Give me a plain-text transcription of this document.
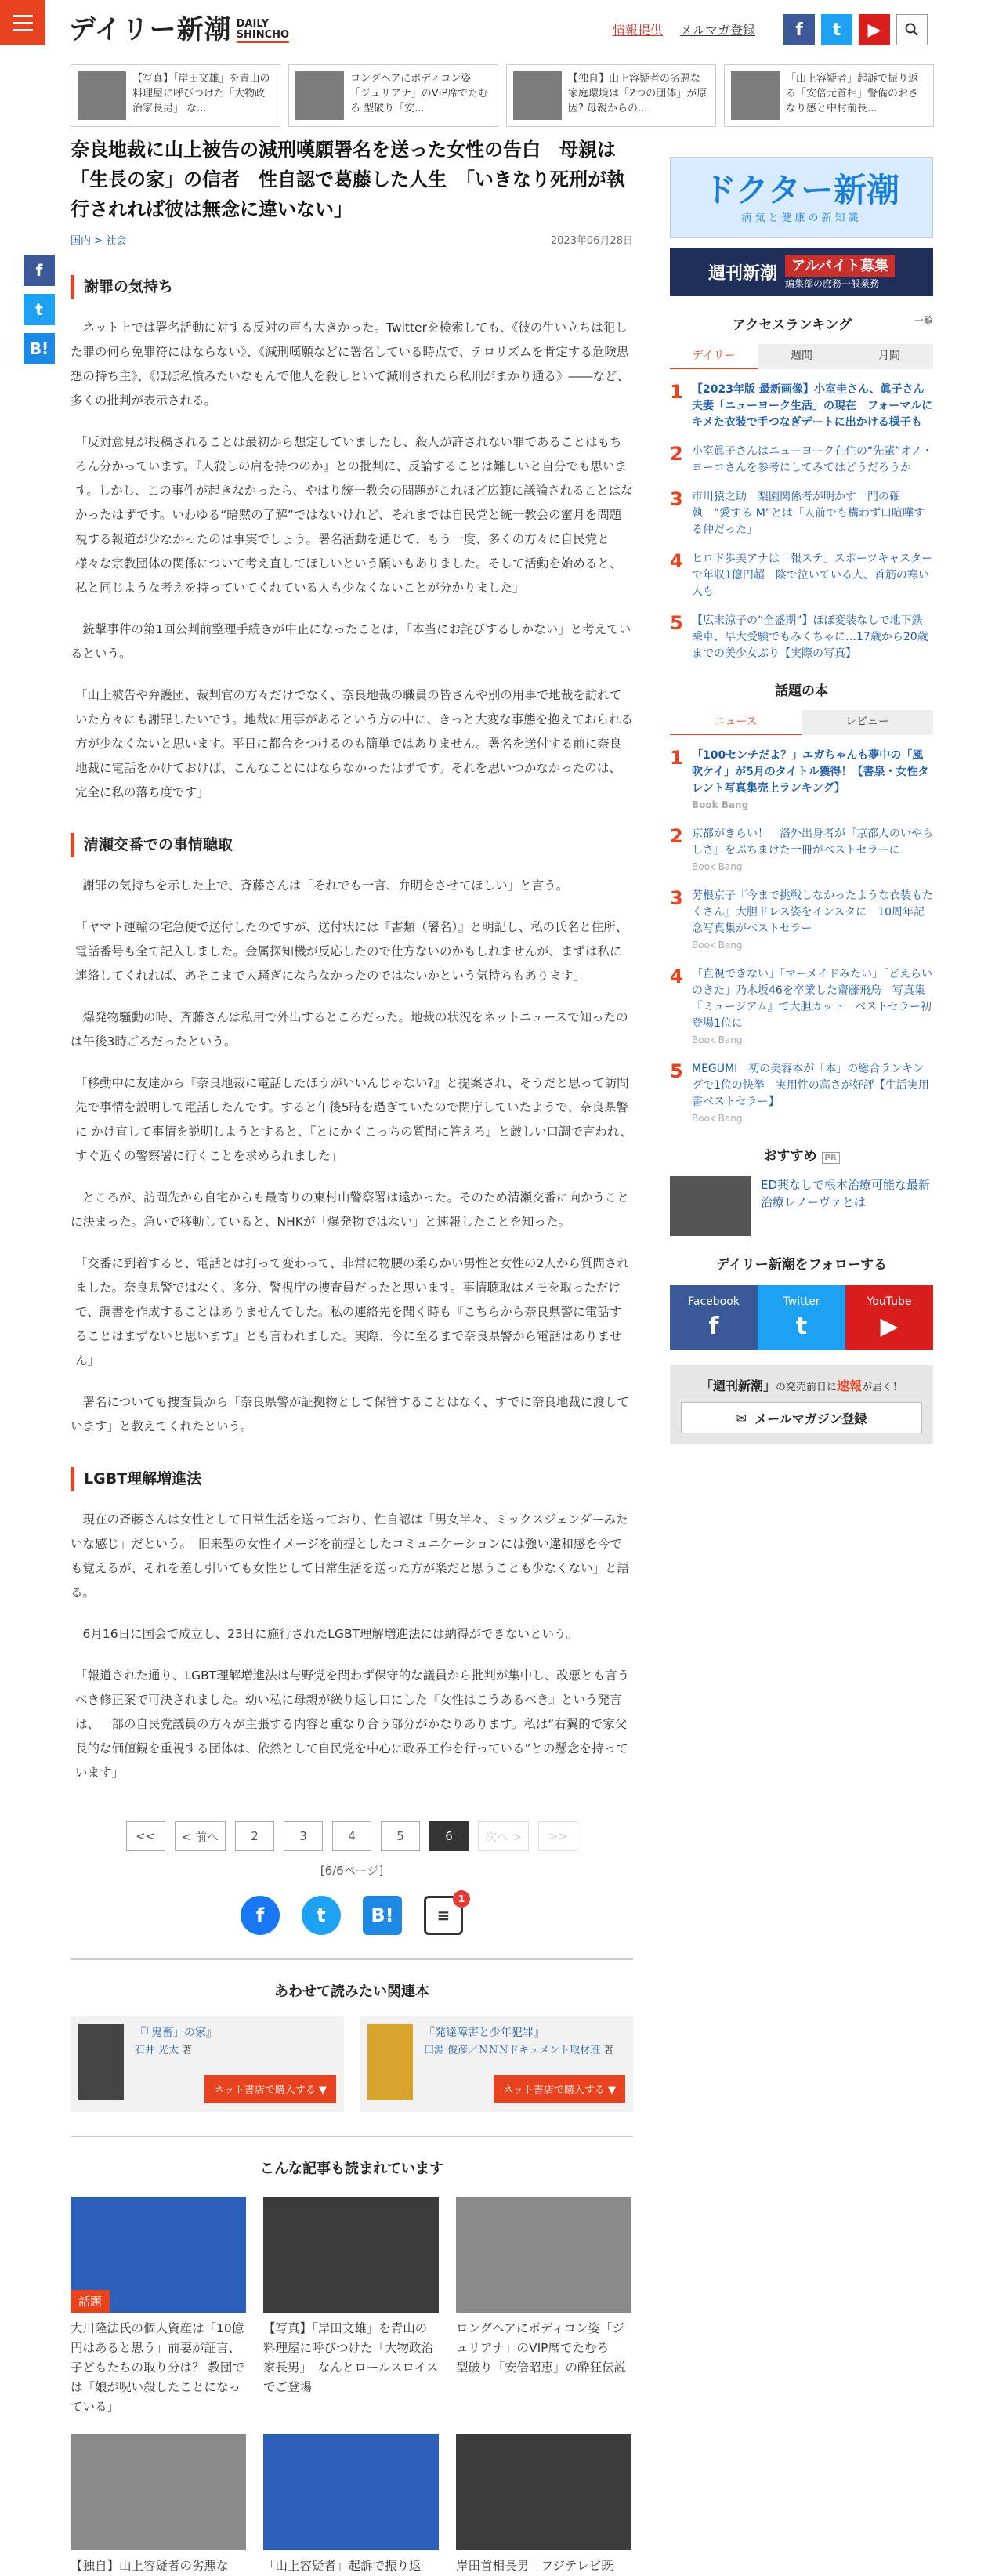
デイリー新潮 DAILY
SHINCHO	情報提供 メルマガ登録	f	t	▶

【写真】「岸田文雄」を青山の料理屋に呼びつけた「大物政治家長男」 な...

ロングヘアにボディコン姿「ジュリアナ」のVIP席でたむろ 型破り「安...

【独自】山上容疑者の劣悪な家庭環境は「2つの団体」が原因? 母親からの...

「山上容疑者」起訴で振り返る「安倍元首相」警備のおざなり感と中村前長...

f
t
B!
奈良地裁に山上被告の減刑嘆願署名を送った女性の告白　母親は「生長の家」の信者　性自認で葛藤した人生　「いきなり死刑が執行されれば彼は無念に違いない」
国内 > 社会	2023年06月28日
謝罪の気持ち

　ネット上では署名活動に対する反対の声も大きかった。Twitterを検索しても、《彼の生い立ちは犯した罪の何ら免罪符にはならない》、《減刑嘆願などに署名している時点で、テロリズムを肯定する危険思想の持ち主》、《ほぼ私憤みたいなもんで他人を殺しといて減刑されたら私刑がまかり通る》――など、多くの批判が表示される。

「反対意見が投稿されることは最初から想定していましたし、殺人が許されない罪であることはもちろん分かっています。『人殺しの肩を持つのか』との批判に、反論することは難しいと自分でも思います。しかし、この事件が起きなかったら、やはり統一教会の問題がこれほど広範に議論されることはなかったはずです。いわゆる“暗黙の了解”ではないけれど、それまでは自民党と統一教会の蜜月を問題視する報道が少なかったのは事実でしょう。署名活動を通じて、もう一度、多くの方々に自民党と様々な宗教団体の関係について考え直してほしいという願いもありました。そして活動を始めると、私と同じような考えを持っていてくれている人も少なくないことが分かりました」

　銃撃事件の第1回公判前整理手続きが中止になったことは、「本当にお詫びするしかない」と考えているという。

「山上被告や弁護団、裁判官の方々だけでなく、奈良地裁の職員の皆さんや別の用事で地裁を訪れていた方々にも謝罪したいです。地裁に用事があるという方の中に、きっと大変な事態を抱えておられる方が少なくないと思います。平日に都合をつけるのも簡単ではありません。署名を送付する前に奈良地裁に電話をかけておけば、こんなことにはならなかったはずです。それを思いつかなかったのは、完全に私の落ち度です」

清瀬交番での事情聴取

　謝罪の気持ちを示した上で、斉藤さんは「それでも一言、弁明をさせてほしい」と言う。

「ヤマト運輸の宅急便で送付したのですが、送付状には『書類（署名）』と明記し、私の氏名と住所、電話番号も全て記入しました。金属探知機が反応したので仕方ないのかもしれませんが、まずは私に連絡してくれれば、あそこまで大騒ぎにならなかったのではないかという気持ちもあります」

　爆発物騒動の時、斉藤さんは私用で外出するところだった。地裁の状況をネットニュースで知ったのは午後3時ごろだったという。

「移動中に友達から『奈良地裁に電話したほうがいいんじゃない?』と提案され、そうだと思って訪問先で事情を説明して電話したんです。すると午後5時を過ぎていたので閉庁していたようで、奈良県警に かけ直して事情を説明しようとすると、『とにかくこっちの質問に答えろ』と厳しい口調で言われ、すぐ近くの警察署に行くことを求められました」

　ところが、訪問先から自宅からも最寄りの東村山警察署は遠かった。そのため清瀬交番に向かうことに決まった。急いで移動していると、NHKが「爆発物ではない」と速報したことを知った。

「交番に到着すると、電話とは打って変わって、非常に物腰の柔らかい男性と女性の2人から質問されました。奈良県警ではなく、多分、警視庁の捜査員だったと思います。事情聴取はメモを取っただけで、調書を作成することはありませんでした。私の連絡先を聞く時も『こちらから奈良県警に電話することはまずないと思います』とも言われました。実際、今に至るまで奈良県警から電話はありません」

　署名についても捜査員から「奈良県警が証拠物として保管することはなく、すでに奈良地裁に渡しています」と教えてくれたという。

LGBT理解増進法

　現在の斉藤さんは女性として日常生活を送っており、性自認は「男女半々、ミックスジェンダーみたいな感じ」だという。「旧来型の女性イメージを前提としたコミュニケーションには強い違和感を今でも覚えるが、それを差し引いても女性として日常生活を送った方が楽だと思うことも少なくない」と語る。

　6月16日に国会で成立し、23日に施行されたLGBT理解増進法には納得ができないという。

「報道された通り、LGBT理解増進法は与野党を問わず保守的な議員から批判が集中し、改悪とも言うべき修正案で可決されました。幼い私に母親が繰り返し口にした『女性はこうあるべき』という発言は、一部の自民党議員の方々が主張する内容と重なり合う部分がかなりあります。私は“右翼的で家父長的な価値観を重視する団体は、依然として自民党を中心に政界工作を行っている”との懸念を持っています」

<<	< 前へ	2	3	4	5	6	次へ >	>>
[6/6ページ]
f	t	B!	≡
1
あわせて読みたい関連本
『「鬼畜」の家』
石井 光太 著
ネット書店で購入する ▼
『発達障害と少年犯罪』
田淵 俊彦／ＮＮＮドキュメント取材班 著
ネット書店で購入する ▼
こんな記事も読まれています
話題

大川隆法氏の個人資産は「10億円はあると思う」前妻が証言、子どもたちの取り分は？ 教団では「娘が呪い殺したことになっている」

【写真】「岸田文雄」を青山の料理屋に呼びつけた「大物政治家長男」　なんとロールスロイスでご登場

ロングヘアにボディコン姿「ジュリアナ」のVIP席でたむろ　型破り「安倍昭恵」の酔狂伝説

【独自】山上容疑者の劣悪な	「山上容疑者」起訴で振り返	岸田首相長男「フジテレビ既

ドクター新潮
病気と健康の新知識
週刊新潮	アルバイト募集
編集部の庶務一般業務
アクセスランキング	一覧
デイリー	週間	月間
1 【2023年版 最新画像】小室圭さん、眞子さん夫妻「ニューヨーク生活」の現在　フォーマルにキメた衣装で手つなぎデートに出かける様子も

2 小室眞子さんはニューヨーク在住の“先輩”オノ・ヨーコさんを参考にしてみてはどうだろうか

3 市川猿之助　梨園関係者が明かす一門の確執　“愛する M”とは「人前でも構わず口喧嘩する仲だった」

4 ヒロド歩美アナは「報ステ」スポーツキャスターで年収1億円超　陰で泣いている人、首筋の寒い人も

5 【広末涼子の“全盛期”】ほぼ変装なしで地下鉄乗車、早大受験でもみくちゃに…17歳から20歳までの美少女ぶり【実際の写真】

話題の本
ニュース	レビュー
1 「100センチだよ？」エガちゃんも夢中の「風吹ケイ」が5月のタイトル獲得！【書泉・女性タレント写真集売上ランキング】
Book Bang

2 京都がきらい！　洛外出身者が『京都人のいやらしさ』をぶちまけた一冊がベストセラーに
Book Bang

3 芳根京子『今まで挑戦しなかったような衣装もたくさん』大胆ドレス姿をインスタに　10周年記念写真集がベストセラー
Book Bang

4 「直視できない」「マーメイドみたい」「どえらいのきた」乃木坂46を卒業した齋藤飛鳥　写真集『ミュージアム』で大胆カット　ベストセラー初登場1位に
Book Bang

5 MEGUMI　初の美容本が「本」の総合ランキングで1位の快挙　実用性の高さが好評【生活実用書ベストセラー】
Book Bang

おすすめ PR

ED薬なしで根本治療可能な最新治療レノーヴァとは

デイリー新潮をフォローする
Facebook
f
Twitter
t
YouTube
▶
「週刊新潮」の発売前日に速報が届く！
✉ メールマガジン登録
